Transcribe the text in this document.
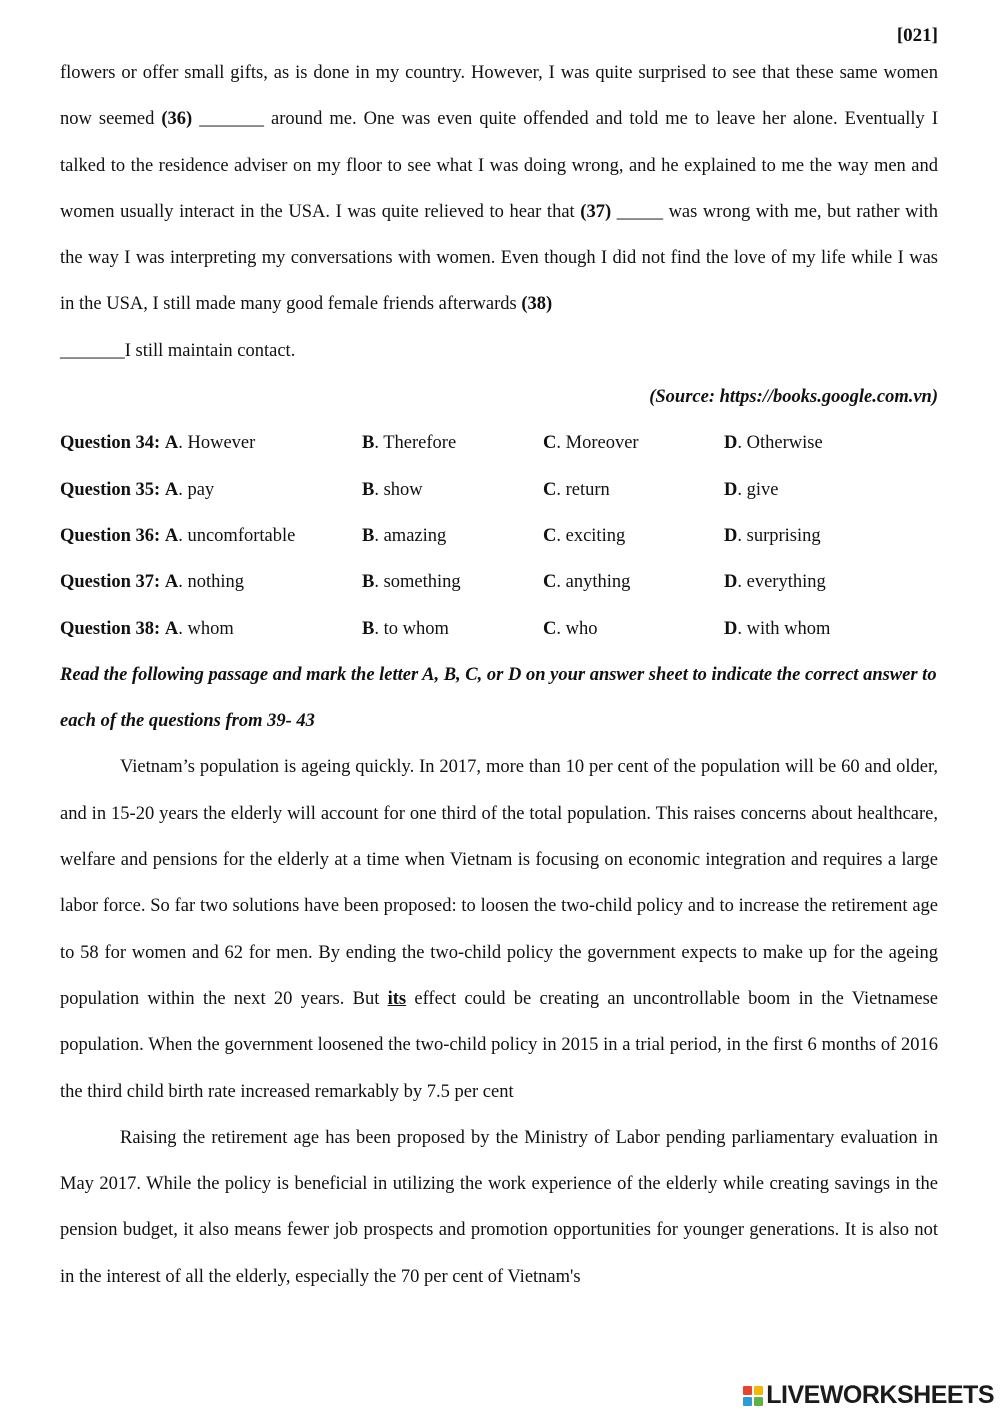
[021]

flowers or offer small gifts, as is done in my country. However, I was quite surprised to see that these same women now seemed (36) _______ around me. One was even quite offended and told me to leave her alone. Eventually I talked to the residence adviser on my floor to see what I was doing wrong, and he explained to me the way men and women usually interact in the USA. I was quite relieved to hear that (37) _____ was wrong with me, but rather with the way I was interpreting my conversations with women. Even though I did not find the love of my life while I was in the USA, I still made many good female friends afterwards (38)
_______I still maintain contact.

(Source: https://books.google.com.vn)
Question 34: A. However	B. Therefore	C. Moreover	D. Otherwise
Question 35: A. pay	B. show	C. return	D. give
Question 36: A. uncomfortable	B. amazing	C. exciting	D. surprising
Question 37: A. nothing	B. something	C. anything	D. everything
Question 38: A. whom	B. to whom	C. who	D. with whom

Read the following passage and mark the letter A, B, C, or D on your answer sheet to indicate the correct answer to each of the questions from 39- 43

Vietnam’s population is ageing quickly. In 2017, more than 10 per cent of the population will be 60 and older, and in 15-20 years the elderly will account for one third of the total population. This raises concerns about healthcare, welfare and pensions for the elderly at a time when Vietnam is focusing on economic integration and requires a large labor force. So far two solutions have been proposed: to loosen the two-child policy and to increase the retirement age to 58 for women and 62 for men. By ending the two-child policy the government expects to make up for the ageing population within the next 20 years. But its effect could be creating an uncontrollable boom in the Vietnamese population. When the government loosened the two-child policy in 2015 in a trial period, in the first 6 months of 2016 the third child birth rate increased remarkably by 7.5 per cent

Raising the retirement age has been proposed by the Ministry of Labor pending parliamentary evaluation in May 2017. While the policy is beneficial in utilizing the work experience of the elderly while creating savings in the pension budget, it also means fewer job prospects and promotion opportunities for younger generations. It is also not in the interest of all the elderly, especially the 70 per cent of Vietnam's

LIVEWORKSHEETS
